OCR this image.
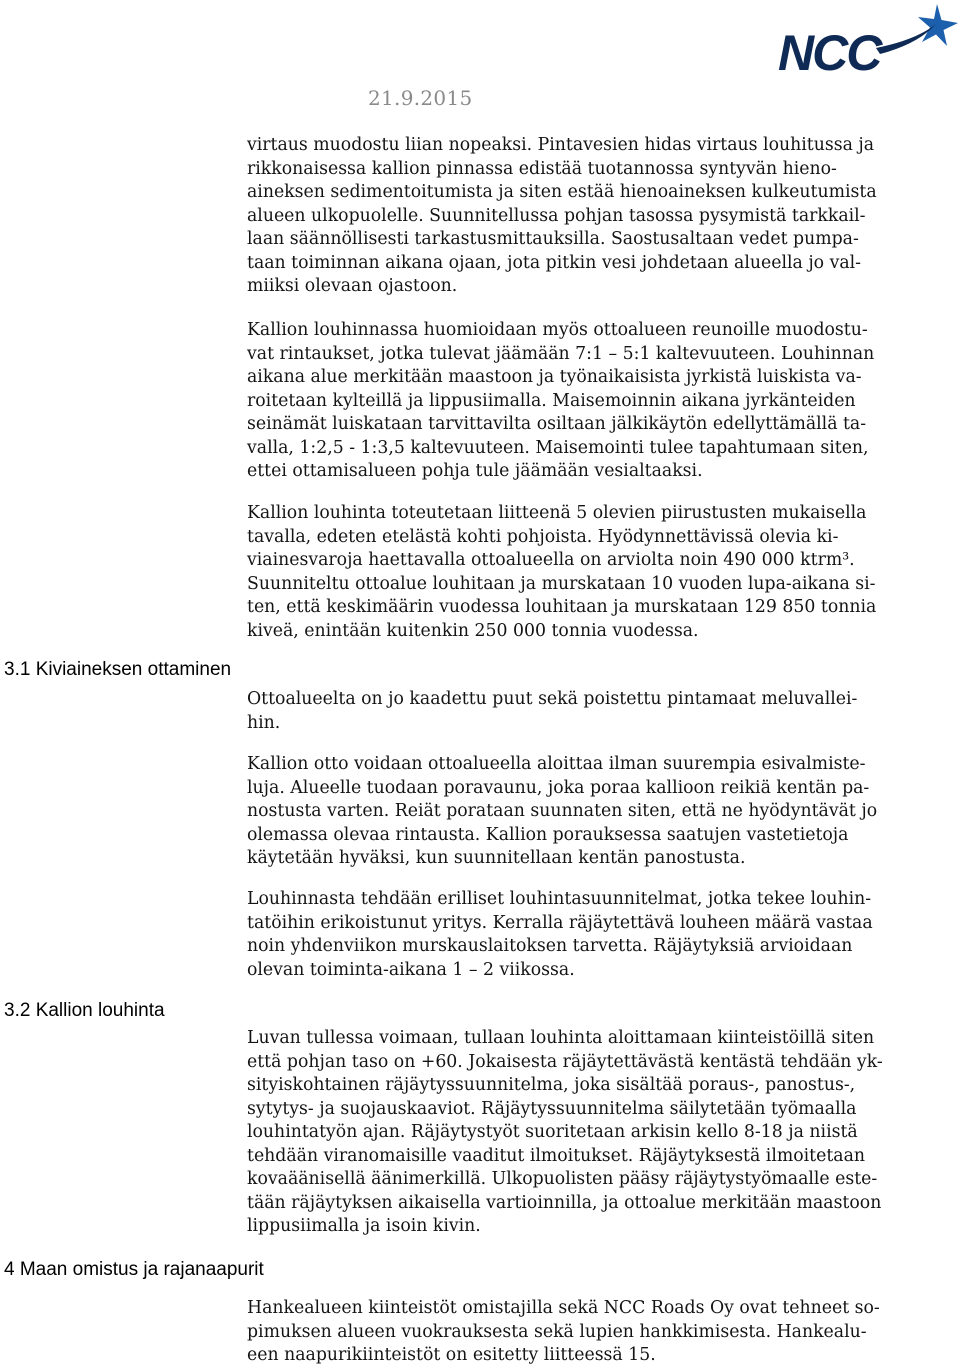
NCC
21.9.2015

virtaus muodostu liian nopeaksi. Pintavesien hidas virtaus louhitussa ja
rikkonaisessa kallion pinnassa edistää tuotannossa syntyvän hieno-
aineksen sedimentoitumista ja siten estää hienoaineksen kulkeutumista
alueen ulkopuolelle. Suunnitellussa pohjan tasossa pysymistä tarkkail-
laan säännöllisesti tarkastusmittauksilla. Saostusaltaan vedet pumpa-
taan toiminnan aikana ojaan, jota pitkin vesi johdetaan alueella jo val-
miiksi olevaan ojastoon.

Kallion louhinnassa huomioidaan myös ottoalueen reunoille muodostu-
vat rintaukset, jotka tulevat jäämään 7:1 – 5:1 kaltevuuteen. Louhinnan
aikana alue merkitään maastoon ja työnaikaisista jyrkistä luiskista va-
roitetaan kylteillä ja lippusiimalla. Maisemoinnin aikana jyrkänteiden
seinämät luiskataan tarvittavilta osiltaan jälkikäytön edellyttämällä ta-
valla, 1:2,5 - 1:3,5 kaltevuuteen. Maisemointi tulee tapahtumaan siten,
ettei ottamisalueen pohja tule jäämään vesialtaaksi.

Kallion louhinta toteutetaan liitteenä 5 olevien piirustusten mukaisella
tavalla, edeten etelästä kohti pohjoista. Hyödynnettävissä olevia ki-
viainesvaroja haettavalla ottoalueella on arviolta noin 490 000 ktrm³.
Suunniteltu ottoalue louhitaan ja murskataan 10 vuoden lupa-aikana si-
ten, että keskimäärin vuodessa louhitaan ja murskataan 129 850 tonnia
kiveä, enintään kuitenkin 250 000 tonnia vuodessa.

3.1 Kiviaineksen ottaminen

Ottoalueelta on jo kaadettu puut sekä poistettu pintamaat meluvallei-
hin.

Kallion otto voidaan ottoalueella aloittaa ilman suurempia esivalmiste-
luja. Alueelle tuodaan poravaunu, joka poraa kallioon reikiä kentän pa-
nostusta varten. Reiät porataan suunnaten siten, että ne hyödyntävät jo
olemassa olevaa rintausta. Kallion porauksessa saatujen vastetietoja
käytetään hyväksi, kun suunnitellaan kentän panostusta.

Louhinnasta tehdään erilliset louhintasuunnitelmat, jotka tekee louhin-
tatöihin erikoistunut yritys. Kerralla räjäytettävä louheen määrä vastaa
noin yhdenviikon murskauslaitoksen tarvetta. Räjäytyksiä arvioidaan
olevan toiminta-aikana 1 – 2 viikossa.

3.2 Kallion louhinta

Luvan tullessa voimaan, tullaan louhinta aloittamaan kiinteistöillä siten
että pohjan taso on +60. Jokaisesta räjäytettävästä kentästä tehdään yk-
sityiskohtainen räjäytyssuunnitelma, joka sisältää poraus-, panostus-,
sytytys- ja suojauskaaviot. Räjäytyssuunnitelma säilytetään työmaalla
louhintatyön ajan. Räjäytystyöt suoritetaan arkisin kello 8-18 ja niistä
tehdään viranomaisille vaaditut ilmoitukset. Räjäytyksestä ilmoitetaan
kovaäänisellä äänimerkillä. Ulkopuolisten pääsy räjäytystyömaalle este-
tään räjäytyksen aikaisella vartioinnilla, ja ottoalue merkitään maastoon
lippusiimalla ja isoin kivin.

4 Maan omistus ja rajanaapurit

Hankealueen kiinteistöt omistajilla sekä NCC Roads Oy ovat tehneet so-
pimuksen alueen vuokrauksesta sekä lupien hankkimisesta. Hankealu-
een naapurikiinteistöt on esitetty liitteessä 15.
